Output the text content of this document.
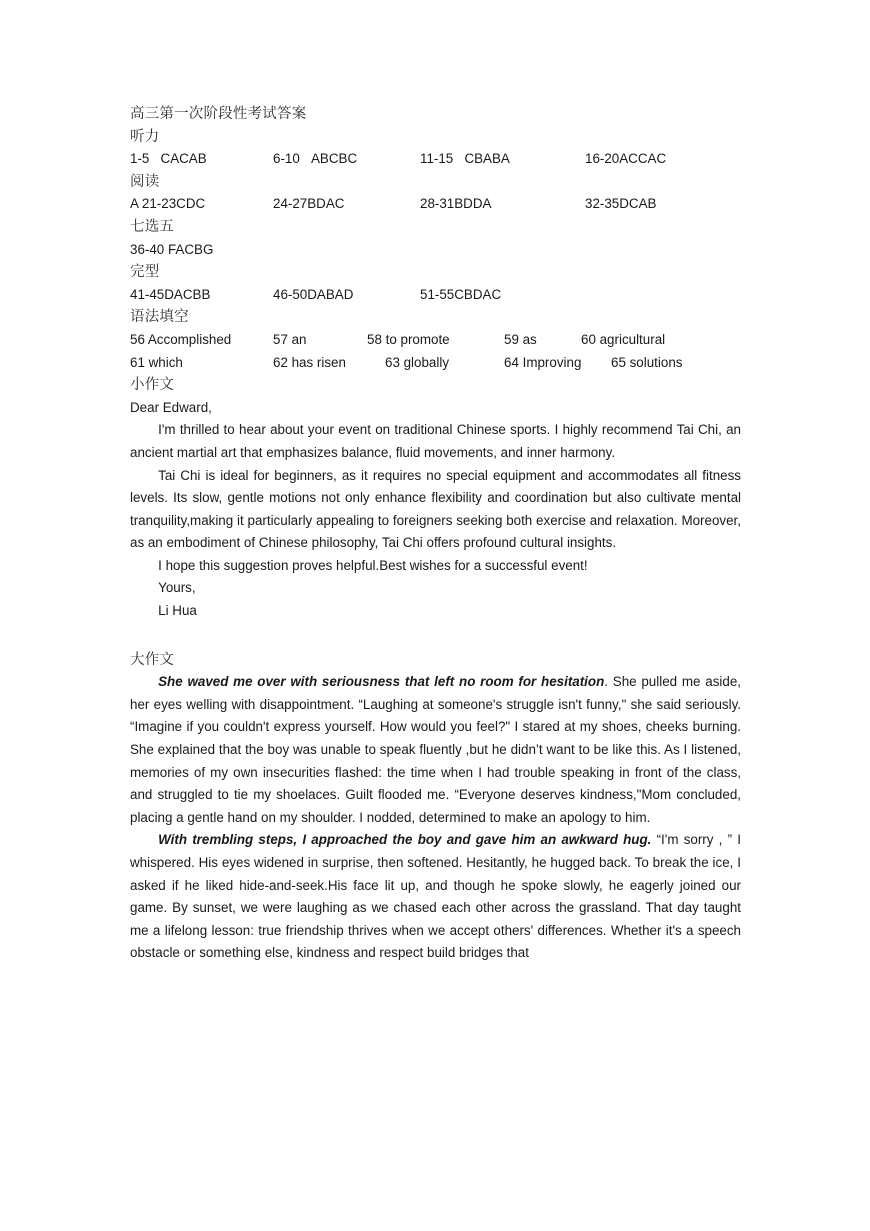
高三第一次阶段性考试答案
听力
1-5 CACAB	6-10 ABCBC	11-15 CBABA	16-20ACCAC
阅读
A 21-23CDC	24-27BDAC	28-31BDDA	32-35DCAB
七选五
36-40 FACBG
完型
41-45DACBB	46-50DABAD	51-55CBDAC
语法填空
56 Accomplished	57 an	58 to promote	59 as	60 agricultural
61 which	62 has risen	63 globally	64 Improving 65 solutions
小作文

Dear Edward,

I'm thrilled to hear about your event on traditional Chinese sports. I highly recommend Tai Chi, an ancient martial art that emphasizes balance, fluid movements, and inner harmony.

Tai Chi is ideal for beginners, as it requires no special equipment and accommodates all fitness levels. Its slow, gentle motions not only enhance flexibility and coordination but also cultivate mental tranquility,making it particularly appealing to foreigners seeking both exercise and relaxation. Moreover, as an embodiment of Chinese philosophy, Tai Chi offers profound cultural insights.

I hope this suggestion proves helpful.Best wishes for a successful event!

Yours,

Li Hua

大作文

She waved me over with seriousness that left no room for hesitation. She pulled me aside, her eyes welling with disappointment. “Laughing at someone's struggle isn't funny," she said seriously. “Imagine if you couldn't express yourself. How would you feel?" I stared at my shoes, cheeks burning. She explained that the boy was unable to speak fluently ,but he didn’t want to be like this. As I listened, memories of my own insecurities flashed: the time when I had trouble speaking in front of the class, and struggled to tie my shoelaces. Guilt flooded me. “Everyone deserves kindness,"Mom concluded, placing a gentle hand on my shoulder. I nodded, determined to make an apology to him.

With trembling steps, I approached the boy and gave him an awkward hug. “I'm sorry , ” I whispered. His eyes widened in surprise, then softened. Hesitantly, he hugged back. To break the ice, I asked if he liked hide-and-seek.His face lit up, and though he spoke slowly, he eagerly joined our game. By sunset, we were laughing as we chased each other across the grassland. That day taught me a lifelong lesson: true friendship thrives when we accept others' differences. Whether it's a speech obstacle or something else, kindness and respect build bridges that
